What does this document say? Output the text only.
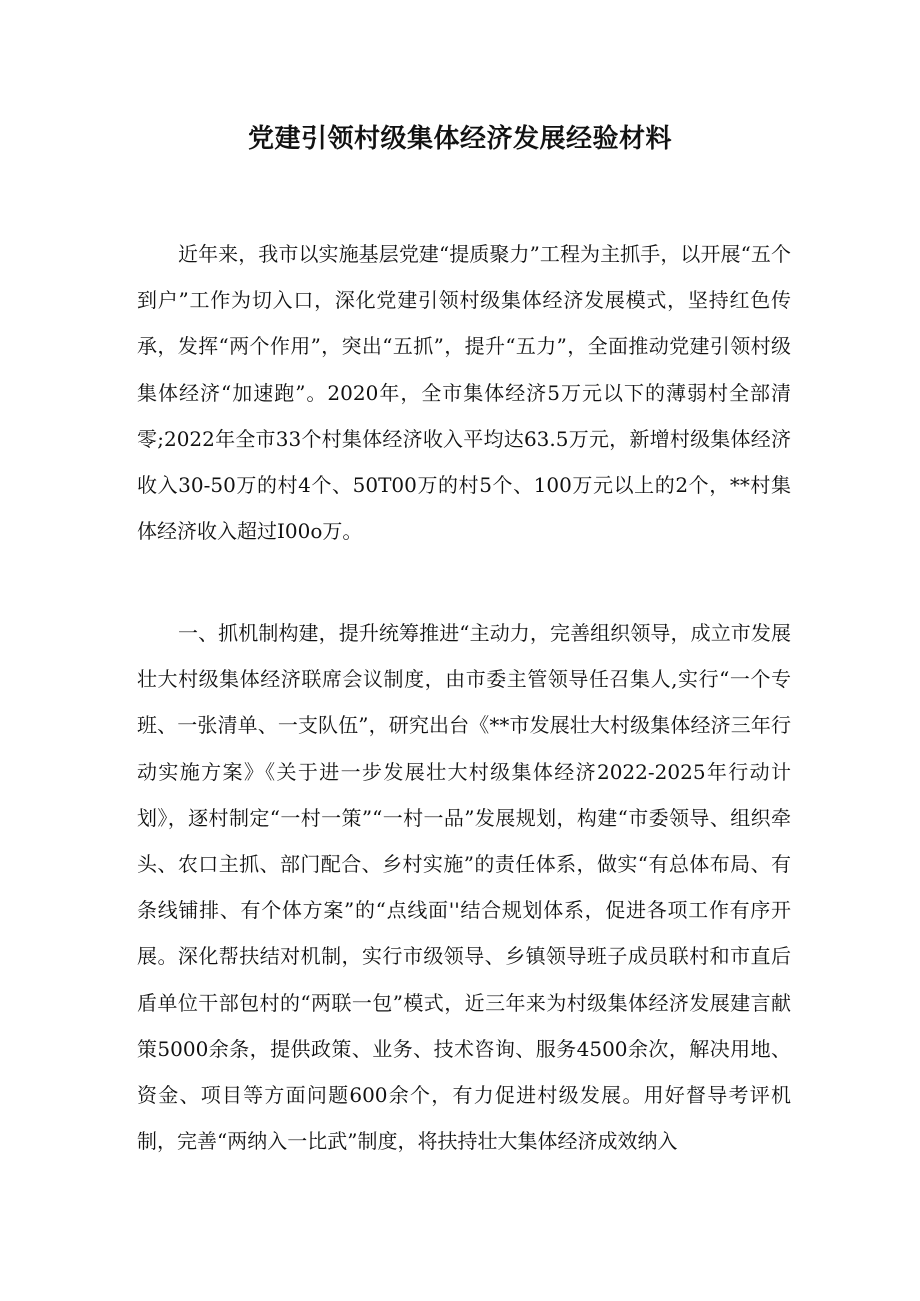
党建引领村级集体经济发展经验材料

近年来，我市以实施基层党建“提质聚力”工程为主抓手，以开展“五个到户”工作为切入口，深化党建引领村级集体经济发展模式，坚持红色传承，发挥“两个作用”，突出“五抓”，提升“五力”，全面推动党建引领村级集体经济“加速跑”。2020年，全市集体经济5万元以下的薄弱村全部清零;2022年全市33个村集体经济收入平均达63.5万元，新增村级集体经济收入30-50万的村4个、50T00万的村5个、100万元以上的2个，**村集体经济收入超过I00o万。

一、抓机制构建，提升统筹推进“主动力，完善组织领导，成立市发展壮大村级集体经济联席会议制度，由市委主管领导任召集人,实行“一个专班、一张清单、一支队伍”，研究出台《**市发展壮大村级集体经济三年行动实施方案》《关于进一步发展壮大村级集体经济2022-2025年行动计划》，逐村制定“一村一策”“一村一品”发展规划，构建“市委领导、组织牵头、农口主抓、部门配合、乡村实施”的责任体系，做实“有总体布局、有条线铺排、有个体方案”的“点线面''结合规划体系，促进各项工作有序开展。深化帮扶结对机制，实行市级领导、乡镇领导班子成员联村和市直后盾单位干部包村的“两联一包”模式，近三年来为村级集体经济发展建言献策5000余条，提供政策、业务、技术咨询、服务4500余次，解决用地、资金、项目等方面问题600余个，有力促进村级发展。用好督导考评机制，完善“两纳入一比武”制度，将扶持壮大集体经济成效纳入
